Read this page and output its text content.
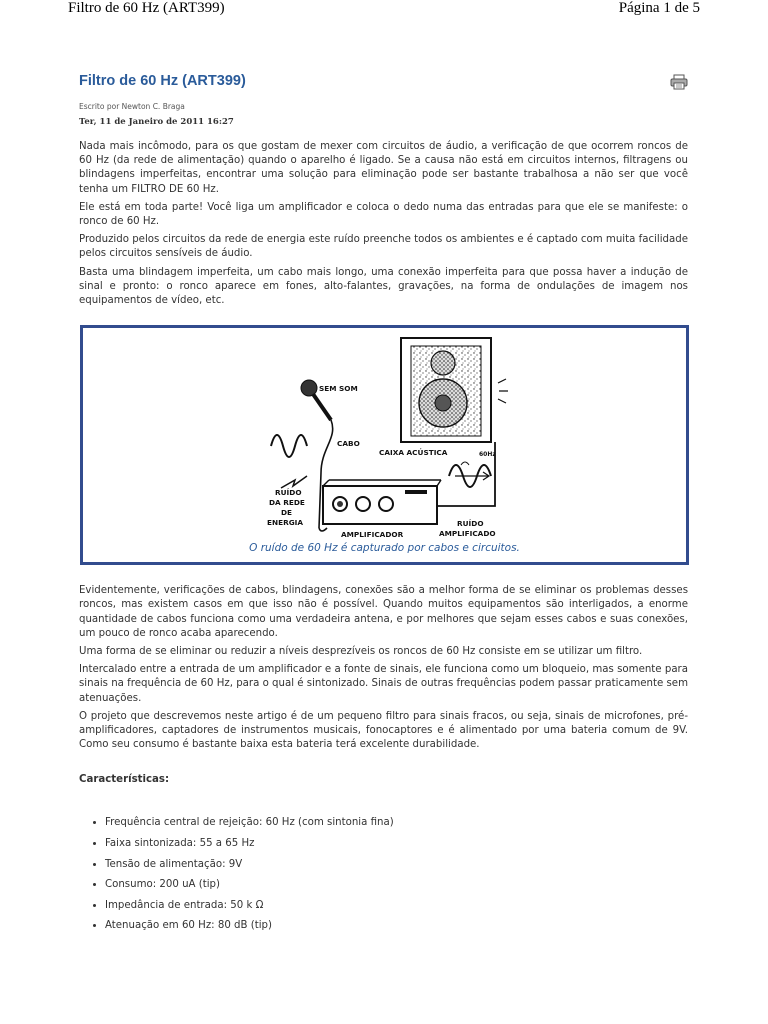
Filtro de 60 Hz (ART399)	Página 1 de 5
Filtro de 60 Hz (ART399)
Escrito por Newton C. Braga
Ter, 11 de Janeiro de 2011 16:27

Nada mais incômodo, para os que gostam de mexer com circuitos de áudio, a verificação de que ocorrem roncos de 60 Hz (da rede de alimentação) quando o aparelho é ligado. Se a causa não está em circuitos internos, filtragens ou blindagens imperfeitas, encontrar uma solução para eliminação pode ser bastante trabalhosa a não ser que você tenha um FILTRO DE 60 Hz.

Ele está em toda parte! Você liga um amplificador e coloca o dedo numa das entradas para que ele se manifeste: o ronco de 60 Hz.

Produzido pelos circuitos da rede de energia este ruído preenche todos os ambientes e é captado com muita facilidade pelos circuitos sensíveis de áudio.

Basta uma blindagem imperfeita, um cabo mais longo, uma conexão imperfeita para que possa haver a indução de sinal e pronto: o ronco aparece em fones, alto-falantes, gravações, na forma de ondulações de imagem nos equipamentos de vídeo, etc.

SEM SOM
CABO
CAIXA ACÚSTICA	60Hz
RUÍDO
DA REDE
DE
ENERGIA
AMPLIFICADOR
RUÍDO
AMPLIFICADO
O ruído de 60 Hz é capturado por cabos e circuitos.

Evidentemente, verificações de cabos, blindagens, conexões são a melhor forma de se eliminar os problemas desses roncos, mas existem casos em que isso não é possível. Quando muitos equipamentos são interligados, a enorme quantidade de cabos funciona como uma verdadeira antena, e por melhores que sejam esses cabos e suas conexões, um pouco de ronco acaba aparecendo.

Uma forma de se eliminar ou reduzir a níveis desprezíveis os roncos de 60 Hz consiste em se utilizar um filtro.

Intercalado entre a entrada de um amplificador e a fonte de sinais, ele funciona como um bloqueio, mas somente para sinais na frequência de 60 Hz, para o qual é sintonizado. Sinais de outras frequências podem passar praticamente sem atenuações.

O projeto que descrevemos neste artigo é de um pequeno filtro para sinais fracos, ou seja, sinais de microfones, pré-amplificadores, captadores de instrumentos musicais, fonocaptores e é alimentado por uma bateria comum de 9V. Como seu consumo é bastante baixa esta bateria terá excelente durabilidade.

Características:
• Frequência central de rejeição: 60 Hz (com sintonia fina)
• Faixa sintonizada: 55 a 65 Hz
• Tensão de alimentação: 9V
• Consumo: 200 uA (tip)
• Impedância de entrada: 50 k Ω
• Atenuação em 60 Hz: 80 dB (tip)
